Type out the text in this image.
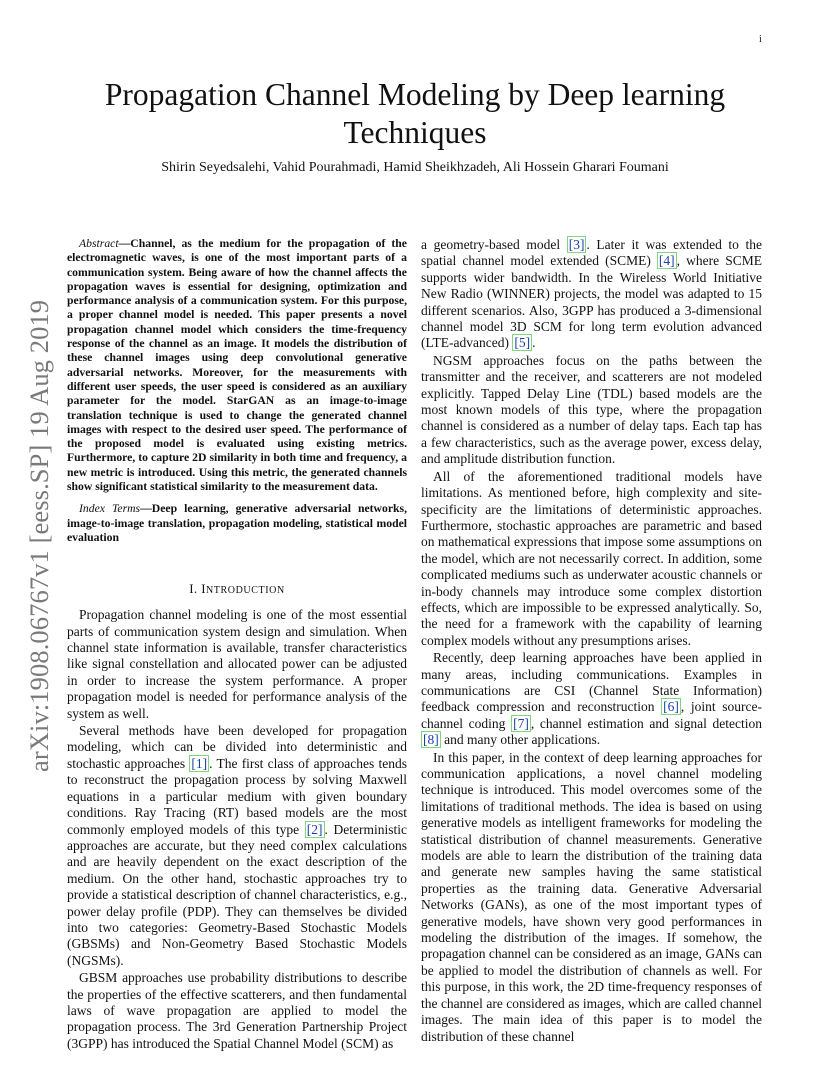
i
arXiv:1908.06767v1 [eess.SP] 19 Aug 2019
Propagation Channel Modeling by Deep learning Techniques
Shirin Seyedsalehi, Vahid Pourahmadi, Hamid Sheikhzadeh, Ali Hossein Gharari Foumani

Abstract—Channel, as the medium for the propagation of the electromagnetic waves, is one of the most important parts of a communication system. Being aware of how the channel affects the propagation waves is essential for designing, optimization and performance analysis of a communication system. For this purpose, a proper channel model is needed. This paper presents a novel propagation channel model which considers the time-frequency response of the channel as an image. It models the distribution of these channel images using deep convolutional generative adversarial networks. Moreover, for the measurements with different user speeds, the user speed is considered as an auxiliary parameter for the model. StarGAN as an image-to-image translation technique is used to change the generated channel images with respect to the desired user speed. The performance of the proposed model is evaluated using existing metrics. Furthermore, to capture 2D similarity in both time and frequency, a new metric is introduced. Using this metric, the generated channels show significant statistical similarity to the measurement data.

Index Terms—Deep learning, generative adversarial networks, image-to-image translation, propagation modeling, statistical model evaluation

I. INTRODUCTION

Propagation channel modeling is one of the most essential parts of communication system design and simulation. When channel state information is available, transfer characteristics like signal constellation and allocated power can be adjusted in order to increase the system performance. A proper propagation model is needed for performance analysis of the system as well.

Several methods have been developed for propagation modeling, which can be divided into deterministic and stochastic approaches [1] . The first class of approaches tends to reconstruct the propagation process by solving Maxwell equations in a particular medium with given boundary conditions. Ray Tracing (RT) based models are the most commonly employed models of this type [2] . Deterministic approaches are accurate, but they need complex calculations and are heavily dependent on the exact description of the medium. On the other hand, stochastic approaches try to provide a statistical description of channel characteristics, e.g., power delay profile (PDP). They can themselves be divided into two categories: Geometry-Based Stochastic Models (GBSMs) and Non-Geometry Based Stochastic Models (NGSMs).

GBSM approaches use probability distributions to describe the properties of the effective scatterers, and then fundamental laws of wave propagation are applied to model the propagation process. The 3rd Generation Partnership Project (3GPP) has introduced the Spatial Channel Model (SCM) as

a geometry-based model [3] . Later it was extended to the spatial channel model extended (SCME) [4] , where SCME supports wider bandwidth. In the Wireless World Initiative New Radio (WINNER) projects, the model was adapted to 15 different scenarios. Also, 3GPP has produced a 3-dimensional channel model 3D SCM for long term evolution advanced (LTE-advanced) [5] .

NGSM approaches focus on the paths between the transmitter and the receiver, and scatterers are not modeled explicitly. Tapped Delay Line (TDL) based models are the most known models of this type, where the propagation channel is considered as a number of delay taps. Each tap has a few characteristics, such as the average power, excess delay, and amplitude distribution function.

All of the aforementioned traditional models have limitations. As mentioned before, high complexity and site-specificity are the limitations of deterministic approaches. Furthermore, stochastic approaches are parametric and based on mathematical expressions that impose some assumptions on the model, which are not necessarily correct. In addition, some complicated mediums such as underwater acoustic channels or in-body channels may introduce some complex distortion effects, which are impossible to be expressed analytically. So, the need for a framework with the capability of learning complex models without any presumptions arises.

Recently, deep learning approaches have been applied in many areas, including communications. Examples in communications are CSI (Channel State Information) feedback compression and reconstruction [6] , joint source-channel coding [7] , channel estimation and signal detection [8] and many other applications.

In this paper, in the context of deep learning approaches for communication applications, a novel channel modeling technique is introduced. This model overcomes some of the limitations of traditional methods. The idea is based on using generative models as intelligent frameworks for modeling the statistical distribution of channel measurements. Generative models are able to learn the distribution of the training data and generate new samples having the same statistical properties as the training data. Generative Adversarial Networks (GANs), as one of the most important types of generative models, have shown very good performances in modeling the distribution of the images. If somehow, the propagation channel can be considered as an image, GANs can be applied to model the distribution of channels as well. For this purpose, in this work, the 2D time-frequency responses of the channel are considered as images, which are called channel images. The main idea of this paper is to model the distribution of these channel
